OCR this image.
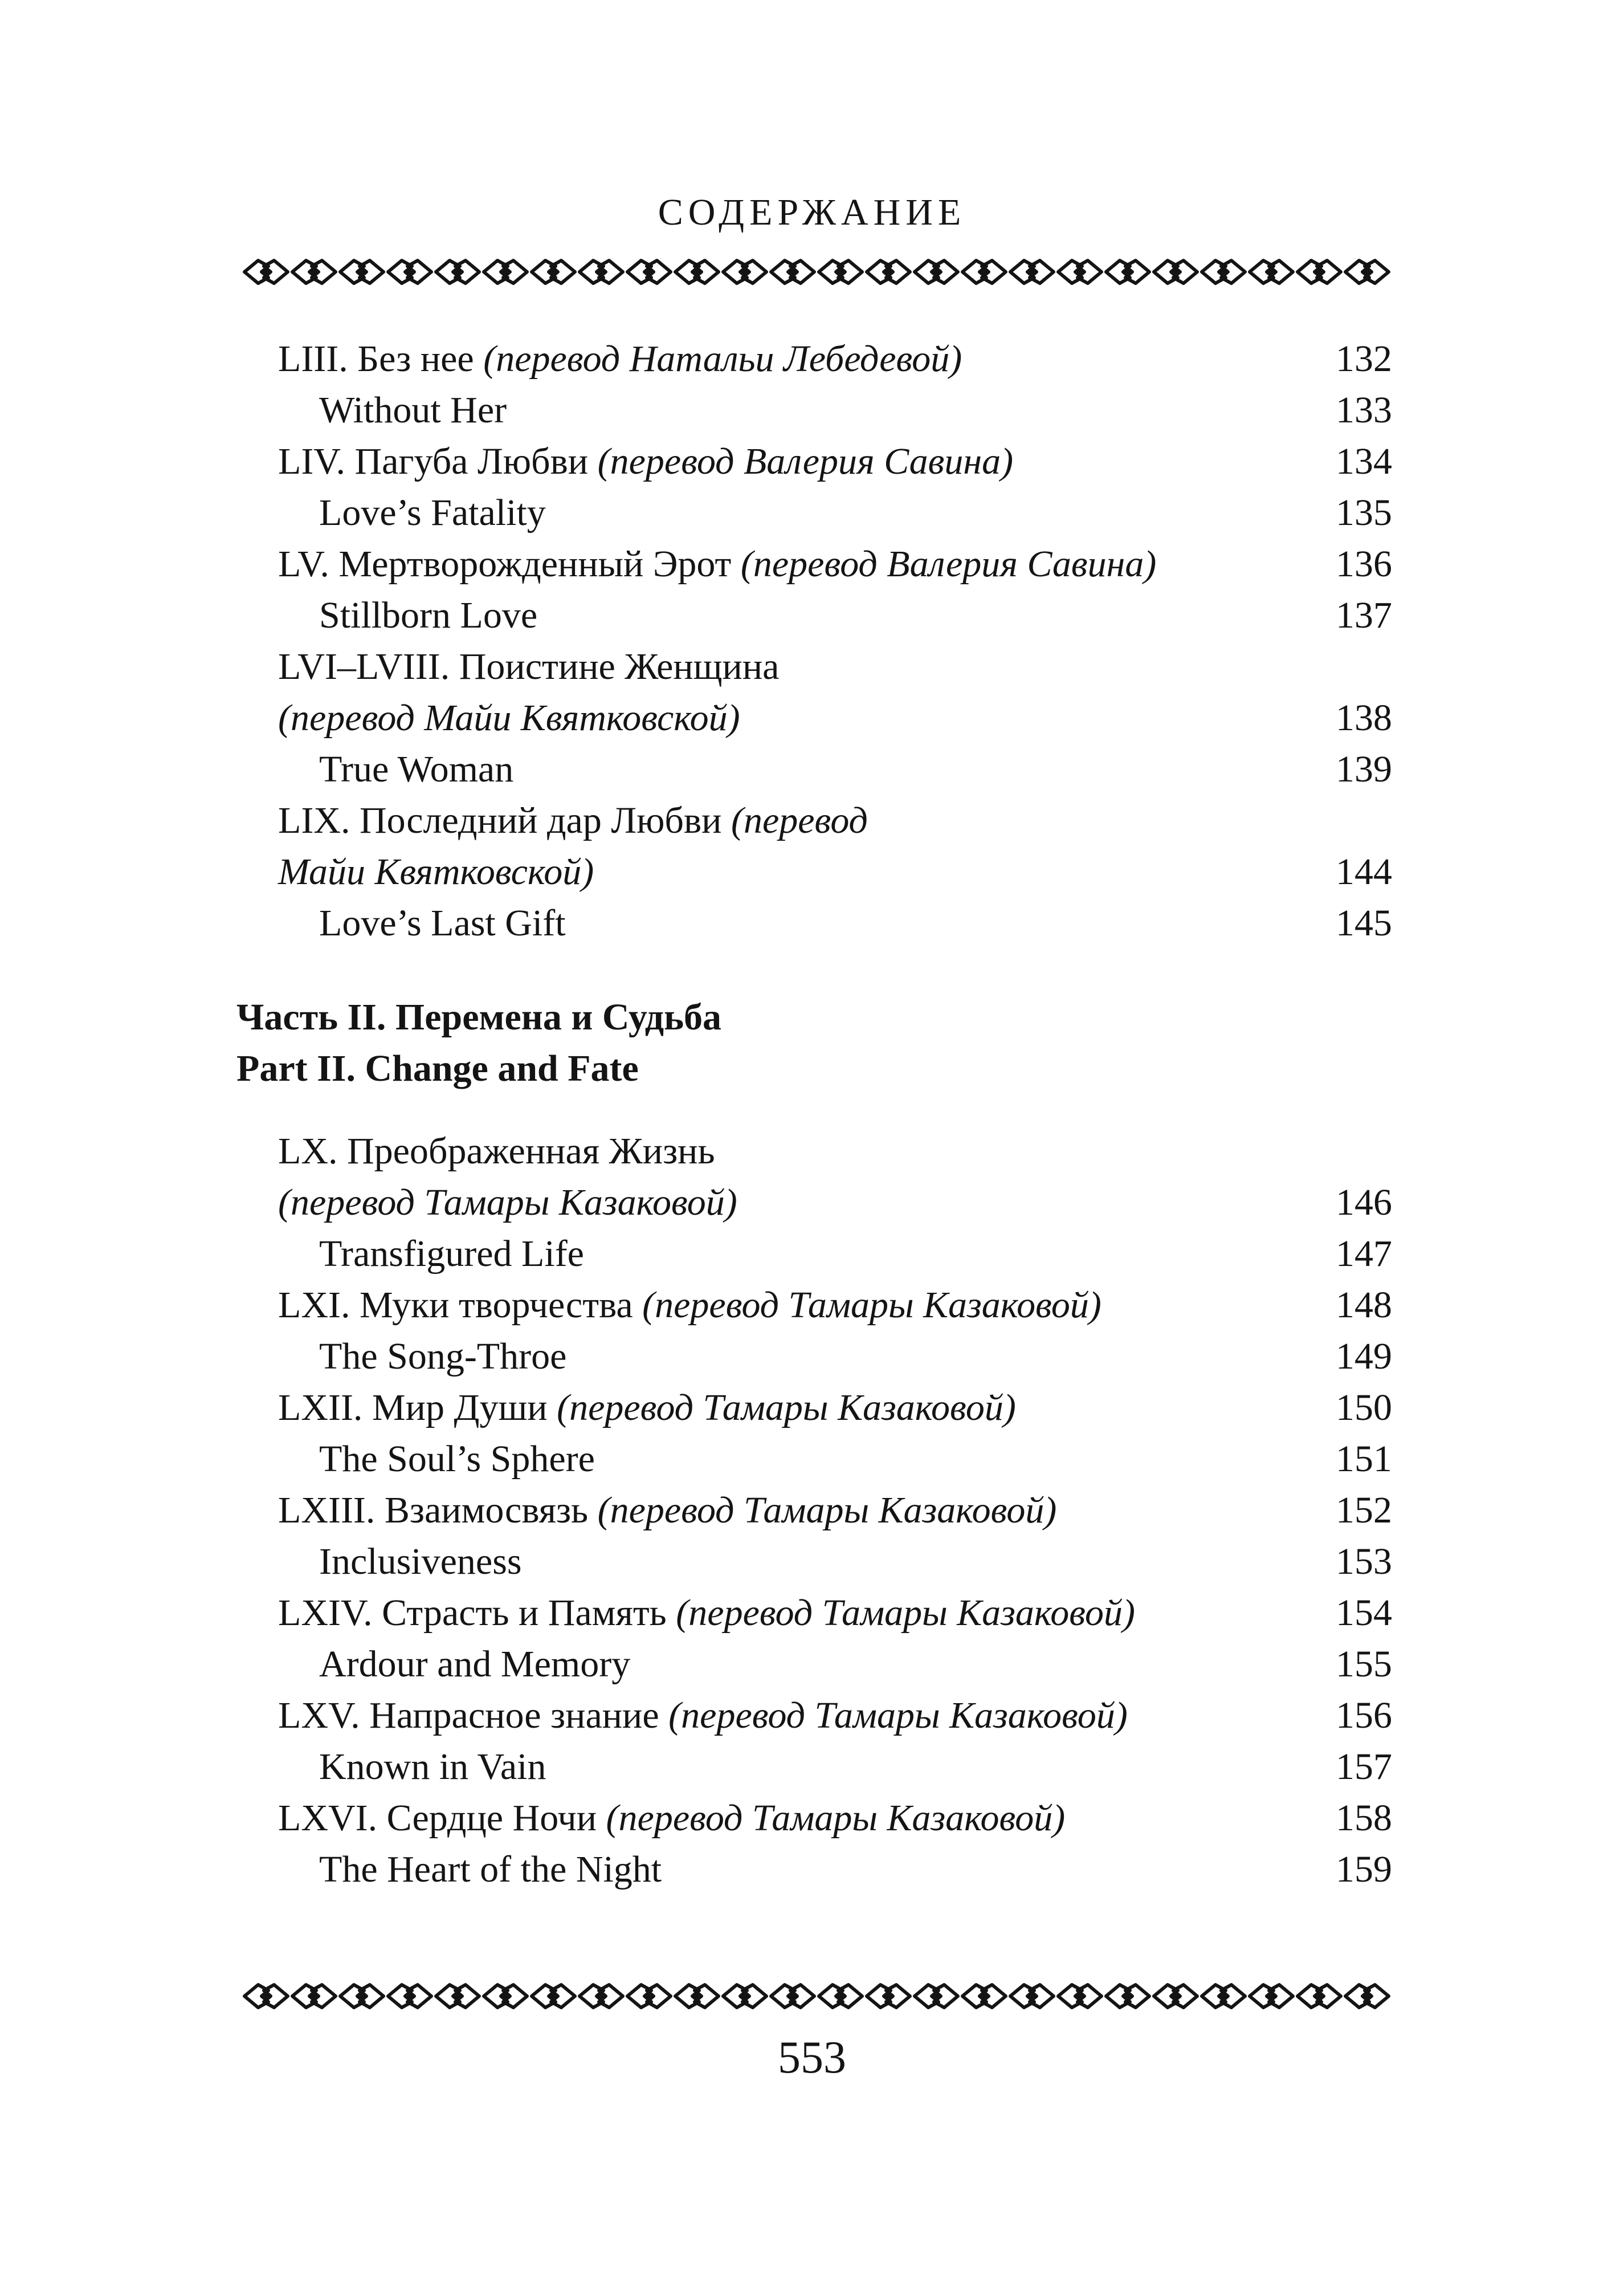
СОДЕРЖАНИЕ
Часть II. Перемена и Судьба
Part II. Change and Fate
LIII. Без нее (перевод Натальи Лебедевой)	132
Without Her	133
LIV. Пагуба Любви (перевод Валерия Савина)	134
Love’s Fatality	135
LV. Мертворожденный Эрот (перевод Валерия Савина)	136
Stillborn Love	137
LVI–LVIII. Поистине Женщина
(перевод Майи Квятковской)	138
True Woman	139
LIX. Последний дар Любви (перевод
Майи Квятковской)	144
Love’s Last Gift	145
LX. Преображенная Жизнь
(перевод Тамары Казаковой)	146
Transfigured Life	147
LXI. Муки творчества (перевод Тамары Казаковой)	148
The Song-Throe	149
LXII. Мир Души (перевод Тамары Казаковой)	150
The Soul’s Sphere	151
LXIII. Взаимосвязь (перевод Тамары Казаковой)	152
Inclusiveness	153
LXIV. Страсть и Память (перевод Тамары Казаковой)	154
Ardour and Memory	155
LXV. Напрасное знание (перевод Тамары Казаковой)	156
Known in Vain	157
LXVI. Сердце Ночи (перевод Тамары Казаковой)	158
The Heart of the Night	159
553
